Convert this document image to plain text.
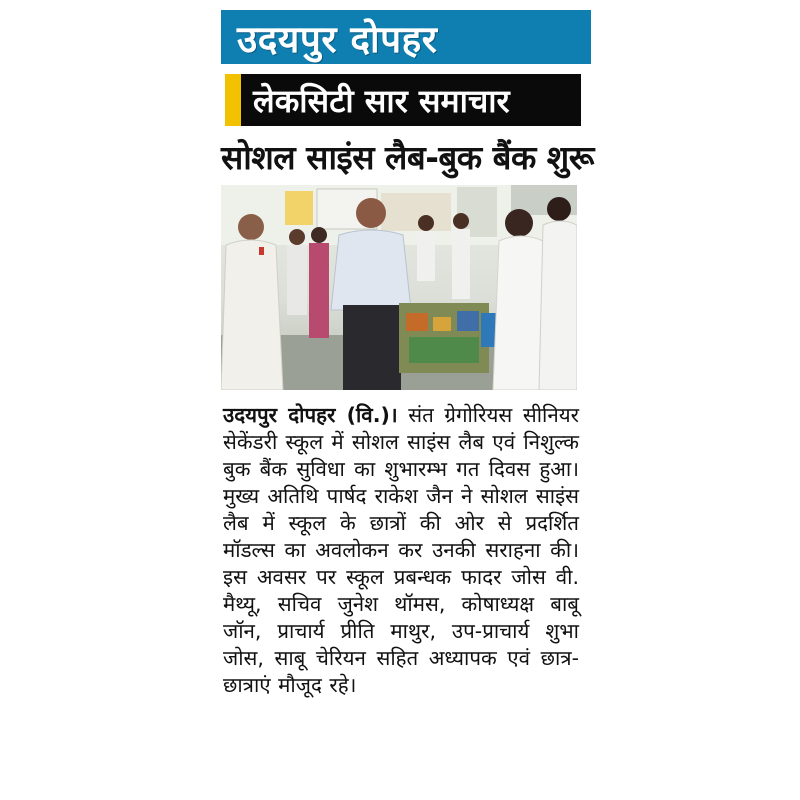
उदयपुर दोपहर
लेकसिटी सार समाचार
सोशल साइंस लैब-बुक बैंक शुरू
उदयपुर दोपहर (वि.)। संत ग्रेगोरियस सीनियर सेकेंडरी स्कूल में सोशल साइंस लैब एवं निशुल्क बुक बैंक सुविधा का शुभारम्भ गत दिवस हुआ। मुख्य अतिथि पार्षद राकेश जैन ने सोशल साइंस लैब में स्कूल के छात्रों की ओर से प्रदर्शित मॉडल्स का अवलोकन कर उनकी सराहना की। इस अवसर पर स्कूल प्रबन्धक फादर जोस वी. मैथ्यू, सचिव जुनेश थॉमस, कोषाध्यक्ष बाबू जॉन, प्राचार्य प्रीति माथुर, उप-प्राचार्य शुभा जोस, साबू चेरियन सहित अध्यापक एवं छात्र-छात्राएं मौजूद रहे।
